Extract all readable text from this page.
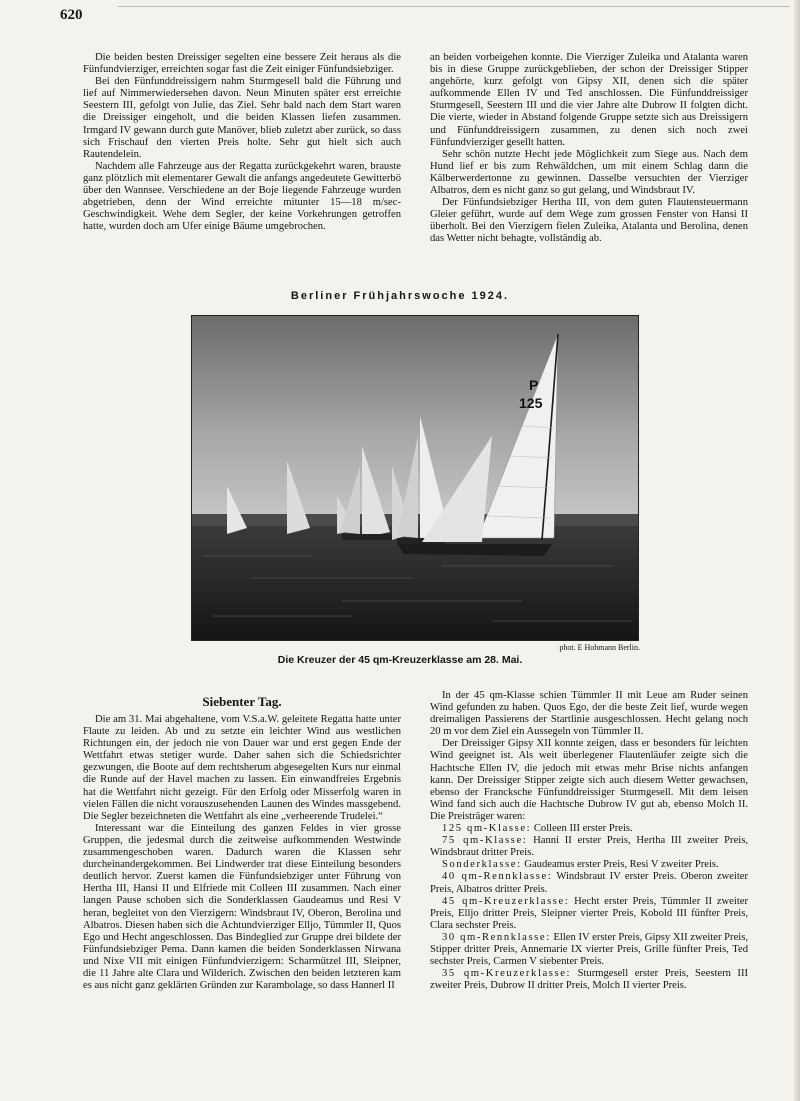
620

Die beiden besten Dreissiger segelten eine bessere Zeit heraus als die Fünfundvierziger, erreichten sogar fast die Zeit einiger Fünfundsiebziger.

Bei den Fünfunddreissigern nahm Sturmgesell bald die Führung und lief auf Nimmerwiedersehen davon. Neun Minuten später erst erreichte Seestern III, gefolgt von Julie, das Ziel. Sehr bald nach dem Start waren die Dreissiger eingeholt, und die beiden Klassen liefen zusammen. Irmgard IV gewann durch gute Manöver, blieb zuletzt aber zurück, so dass sich Frischauf den vierten Preis holte. Sehr gut hielt sich auch Rautendelein.

Nachdem alle Fahrzeuge aus der Regatta zurückgekehrt waren, brauste ganz plötzlich mit elementarer Gewalt die anfangs angedeutete Gewitterbö über den Wannsee. Verschiedene an der Boje liegende Fahrzeuge wurden abgetrieben, denn der Wind erreichte mitunter 15—18 m/sec-Geschwindigkeit. Wehe dem Segler, der keine Vorkehrungen getroffen hatte, wurden doch am Ufer einige Bäume umgebrochen.

an beiden vorbeigehen konnte. Die Vierziger Zuleika und Atalanta waren bis in diese Gruppe zurückgeblieben, der schon der Dreissiger Stipper angehörte, kurz gefolgt von Gipsy XII, denen sich die später aufkommende Ellen IV und Ted anschlossen. Die Fünfunddreissiger Sturmgesell, Seestern III und die vier Jahre alte Dubrow II folgten dicht. Die vierte, wieder in Abstand folgende Gruppe setzte sich aus Dreissigern und Fünfunddreissigern zusammen, zu denen sich noch zwei Fünfundvierziger gesellt hatten.

Sehr schön nutzte Hecht jede Möglichkeit zum Siege aus. Nach dem Hund lief er bis zum Rehwäldchen, um mit einem Schlag dann die Kälberwerdertonne zu gewinnen. Dasselbe versuchten der Vierziger Albatros, dem es nicht ganz so gut gelang, und Windsbraut IV.

Der Fünfundsiebziger Hertha III, von dem guten Flautensteuermann Gleier geführt, wurde auf dem Wege zum grossen Fenster von Hansi II überholt. Bei den Vierzigern fielen Zuleika, Atalanta und Berolina, denen das Wetter nicht behagte, vollständig ab.

Berliner Frühjahrswoche 1924.
P
125
phot. E Hohmann Berlin.
Die Kreuzer der 45 qm-Kreuzerklasse am 28. Mai.
Siebenter Tag.

Die am 31. Mai abgehaltene, vom V.S.a.W. geleitete Regatta hatte unter Flaute zu leiden. Ab und zu setzte ein leichter Wind aus westlichen Richtungen ein, der jedoch nie von Dauer war und erst gegen Ende der Wettfahrt etwas stetiger wurde. Daher sahen sich die Schiedsrichter gezwungen, die Boote auf dem rechtsherum abgesegelten Kurs nur einmal die Runde auf der Havel machen zu lassen. Ein einwandfreies Ergebnis hat die Wettfahrt nicht gezeigt. Für den Erfolg oder Misserfolg waren in vielen Fällen die nicht vorauszusehenden Launen des Windes massgebend. Die Segler bezeichneten die Wettfahrt als eine „verheerende Trudelei.“

Interessant war die Einteilung des ganzen Feldes in vier grosse Gruppen, die jedesmal durch die zeitweise aufkommenden Westwinde zusammengeschoben waren. Dadurch waren die Klassen sehr durcheinandergekommen. Bei Lindwerder trat diese Einteilung besonders deutlich hervor. Zuerst kamen die Fünfundsiebziger unter Führung von Hertha III, Hansi II und Elfriede mit Colleen III zusammen. Nach einer langen Pause schoben sich die Sonderklassen Gaudeamus und Resi V heran, begleitet von den Vierzigern: Windsbraut IV, Oberon, Berolina und Albatros. Diesen haben sich die Achtundvierziger Elljo, Tümmler II, Quos Ego und Hecht angeschlossen. Das Bindeglied zur Gruppe drei bildete der Fünfundsiebziger Pema. Dann kamen die beiden Sonderklassen Nirwana und Nixe VII mit einigen Fünfundvierzigern: Scharmützel III, Sleipner, die 11 Jahre alte Clara und Wilderich. Zwischen den beiden letzteren kam es aus nicht ganz geklärten Gründen zur Karambolage, so dass Hannerl II

In der 45 qm-Klasse schien Tümmler II mit Leue am Ruder seinen Wind gefunden zu haben. Quos Ego, der die beste Zeit lief, wurde wegen dreimaligen Passierens der Startlinie ausgeschlossen. Hecht gelang noch 20 m vor dem Ziel ein Aussegeln von Tümmler II.

Der Dreissiger Gipsy XII konnte zeigen, dass er besonders für leichten Wind geeignet ist. Als weit überlegener Flautenläufer zeigte sich die Hachtsche Ellen IV, die jedoch mit etwas mehr Brise nichts anfangen kann. Der Dreissiger Stipper zeigte sich auch diesem Wetter gewachsen, ebenso der Francksche Fünfunddreissiger Sturmgesell. Mit dem leisen Wind fand sich auch die Hachtsche Dubrow IV gut ab, ebenso Molch II. Die Preisträger waren:

125 qm-Klasse: Colleen III erster Preis.

75 qm-Klasse: Hanni II erster Preis, Hertha III zweiter Preis, Windsbraut dritter Preis.

Sonderklasse: Gaudeamus erster Preis, Resi V zweiter Preis.

40 qm-Rennklasse: Windsbraut IV erster Preis. Oberon zweiter Preis, Albatros dritter Preis.

45 qm-Kreuzerklasse: Hecht erster Preis, Tümmler II zweiter Preis, Elljo dritter Preis, Sleipner vierter Preis, Kobold III fünfter Preis, Clara sechster Preis.

30 qm-Rennklasse: Ellen IV erster Preis, Gipsy XII zweiter Preis, Stipper dritter Preis, Annemarie IX vierter Preis, Grille fünfter Preis, Ted sechster Preis, Carmen V siebenter Preis.

35 qm-Kreuzerklasse: Sturmgesell erster Preis, Seestern III zweiter Preis, Dubrow II dritter Preis, Molch II vierter Preis.
